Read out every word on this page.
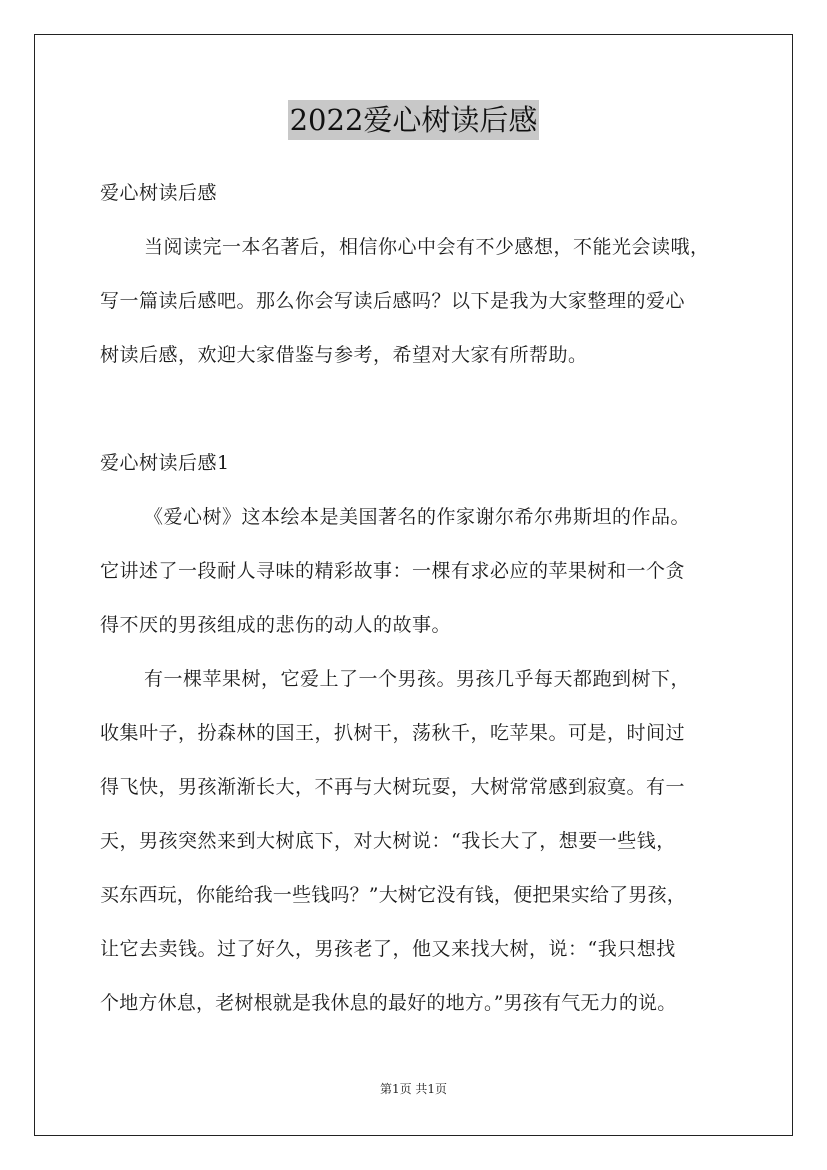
2022爱心树读后感
爱心树读后感
当阅读完一本名著后，相信你心中会有不少感想，不能光会读哦，
写一篇读后感吧。那么你会写读后感吗？以下是我为大家整理的爱心
树读后感，欢迎大家借鉴与参考，希望对大家有所帮助。
爱心树读后感1
《爱心树》这本绘本是美国著名的作家谢尔希尔弗斯坦的作品。
它讲述了一段耐人寻味的精彩故事：一棵有求必应的苹果树和一个贪
得不厌的男孩组成的悲伤的动人的故事。
有一棵苹果树，它爱上了一个男孩。男孩几乎每天都跑到树下，
收集叶子，扮森林的国王，扒树干，荡秋千，吃苹果。可是，时间过
得飞快，男孩渐渐长大，不再与大树玩耍，大树常常感到寂寞。有一
天，男孩突然来到大树底下，对大树说：“我长大了，想要一些钱，
买东西玩，你能给我一些钱吗？”大树它没有钱，便把果实给了男孩，
让它去卖钱。过了好久，男孩老了，他又来找大树，说：“我只想找
个地方休息，老树根就是我休息的最好的地方。”男孩有气无力的说。
第1页 共1页
